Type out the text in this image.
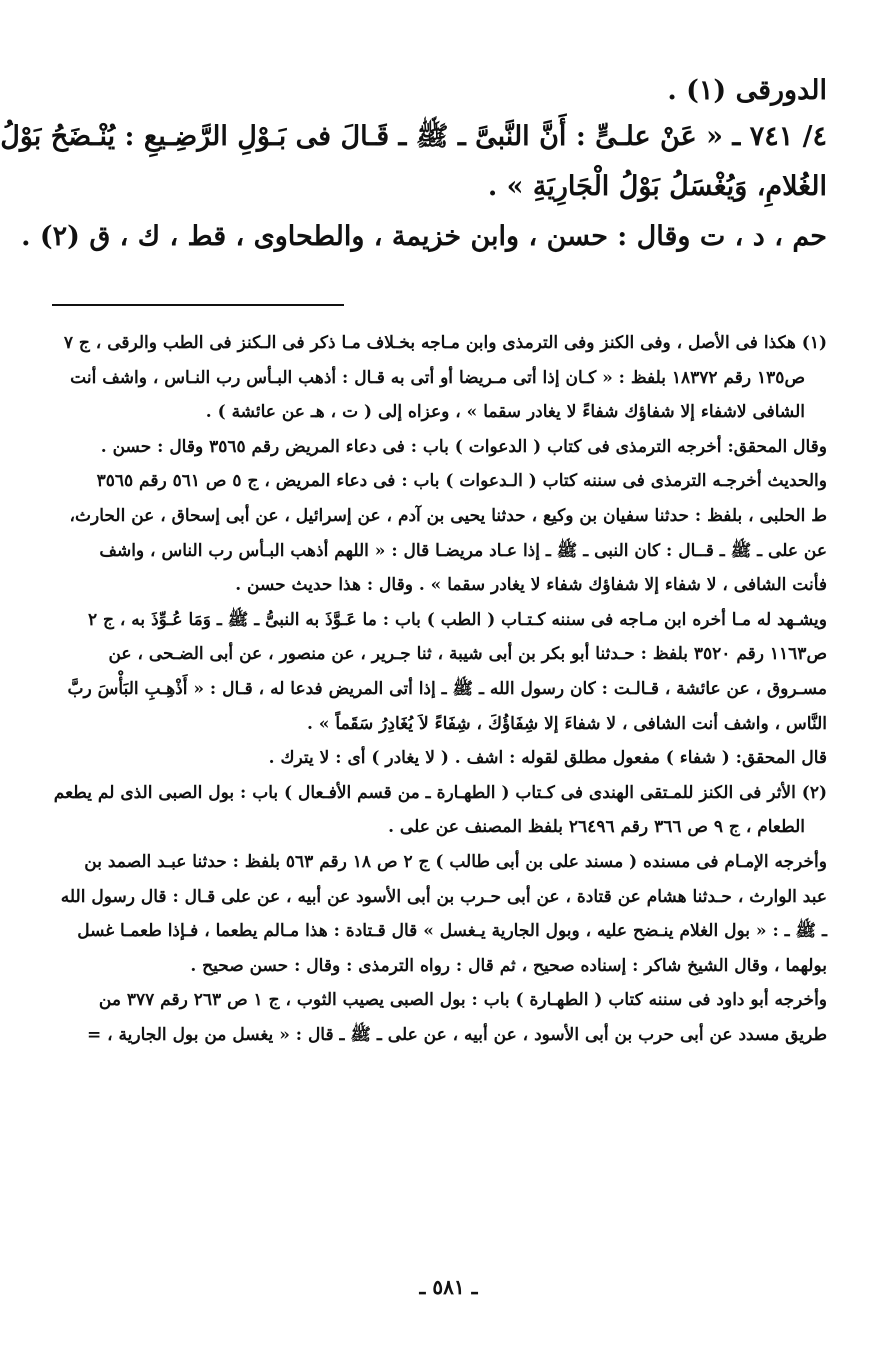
الدورقى (١) .
٤/ ٧٤١ ـ « عَنْ علـىٍّ : أَنَّ النَّبىَّ ـ ﷺ ـ قَـالَ فى بَـوْلِ الرَّضِـيعِ : يُنْـضَحُ بَوْلُ
الغُلامِ، وَيُغْسَلُ بَوْلُ الْجَارِيَةِ » .
حم ، د ، ت وقال : حسن ، وابن خزيمة ، والطحاوى ، قط ، ك ، ق (٢) .
(١) هكذا فى الأصل ، وفى الكنز وفى الترمذى وابن مـاجه بخـلاف مـا ذكر فى الـكنز فى الطب والرقى ، ج ٧
ص١٣٥ رقم ١٨٣٧٢ بلفظ : « كـان إذا أتى مـريضا أو أتى به قـال : أذهب البـأس رب النـاس ، واشف أنت
الشافى لاشفاء إلا شفاؤك شفاءً لا يغادر سقما » ، وعزاه إلى ( ت ، هـ عن عائشة ) .
وقال المحقق: أخرجه الترمذى فى كتاب ( الدعوات ) باب : فى دعاء المريض رقم ٣٥٦٥ وقال : حسن .
والحديث أخرجـه الترمذى فى سننه كتاب ( الـدعوات ) باب : فى دعاء المريض ، ج ٥ ص ٥٦١ رقم ٣٥٦٥
ط الحلبى ، بلفظ : حدثنا سفيان بن وكيع ، حدثنا يحيى بن آدم ، عن إسرائيل ، عن أبى إسحاق ، عن الحارث،
عن على ـ ﷺ ـ قــال : كان النبى ـ ﷺ ـ إذا عـاد مريضـا قال : « اللهم أذهب البـأس رب الناس ، واشف
فأنت الشافى ، لا شفاء إلا شفاؤك شفاء لا يغادر سقما » . وقال : هذا حديث حسن .
ويشـهد له مـا أخره ابن مـاجه فى سننه كـتـاب ( الطب ) باب : ما عَـوَّذَ به النبىُّ ـ ﷺ ـ وَمَا عُـوِّذَ به ، ج ٢
ص١١٦٣ رقم ٣٥٢٠ بلفظ : حـدثنا أبو بكر بن أبى شيبة ، ثنا جـرير ، عن منصور ، عن أبى الضـحى ، عن
مسـروق ، عن عائشة ، قـالـت : كان رسول الله ـ ﷺ ـ إذا أتى المريض فدعا له ، قـال : « أَذْهِـبِ البَأْسَ ربَّ
النَّاس ، واشف أنت الشافى ، لا شفاءَ إلا شِفَاؤُكَ ، شِفَاءً لاَ يُغَادِرُ سَقَماً » .
قال المحقق: ( شفاء ) مفعول مطلق لقوله : اشف . ( لا يغادر ) أى : لا يترك .
(٢) الأثر فى الكنز للمـتقى الهندى فى كـتاب ( الطهـارة ـ من قسم الأفـعال ) باب : بول الصبى الذى لم يطعم
الطعام ، ج ٩ ص ٣٦٦ رقم ٢٦٤٩٦ بلفظ المصنف عن على .
وأخرجه الإمـام فى مسنده ( مسند على بن أبى طالب ) ج ٢ ص ١٨ رقم ٥٦٣ بلفظ : حدثنا عبـد الصمد بن
عبد الوارث ، حـدثنا هشام عن قتادة ، عن أبى حـرب بن أبى الأسود عن أبيه ، عن على قـال : قال رسول الله
ـ ﷺ ـ : « بول الغلام ينـضح عليه ، وبول الجارية يـغسل » قال قـتادة : هذا مـالم يطعما ، فـإذا طعمـا غسل
بولهما ، وقال الشيخ شاكر : إسناده صحيح ، ثم قال : رواه الترمذى : وقال : حسن صحيح .
وأخرجه أبو داود فى سننه كتاب ( الطهـارة ) باب : بول الصبى يصيب الثوب ، ج ١ ص ٢٦٣ رقم ٣٧٧ من
طريق مسدد عن أبى حرب بن أبى الأسود ، عن أبيه ، عن على ـ ﷺ ـ قال : « يغسل من بول الجارية ، =
ـ ٥٨١ ـ
